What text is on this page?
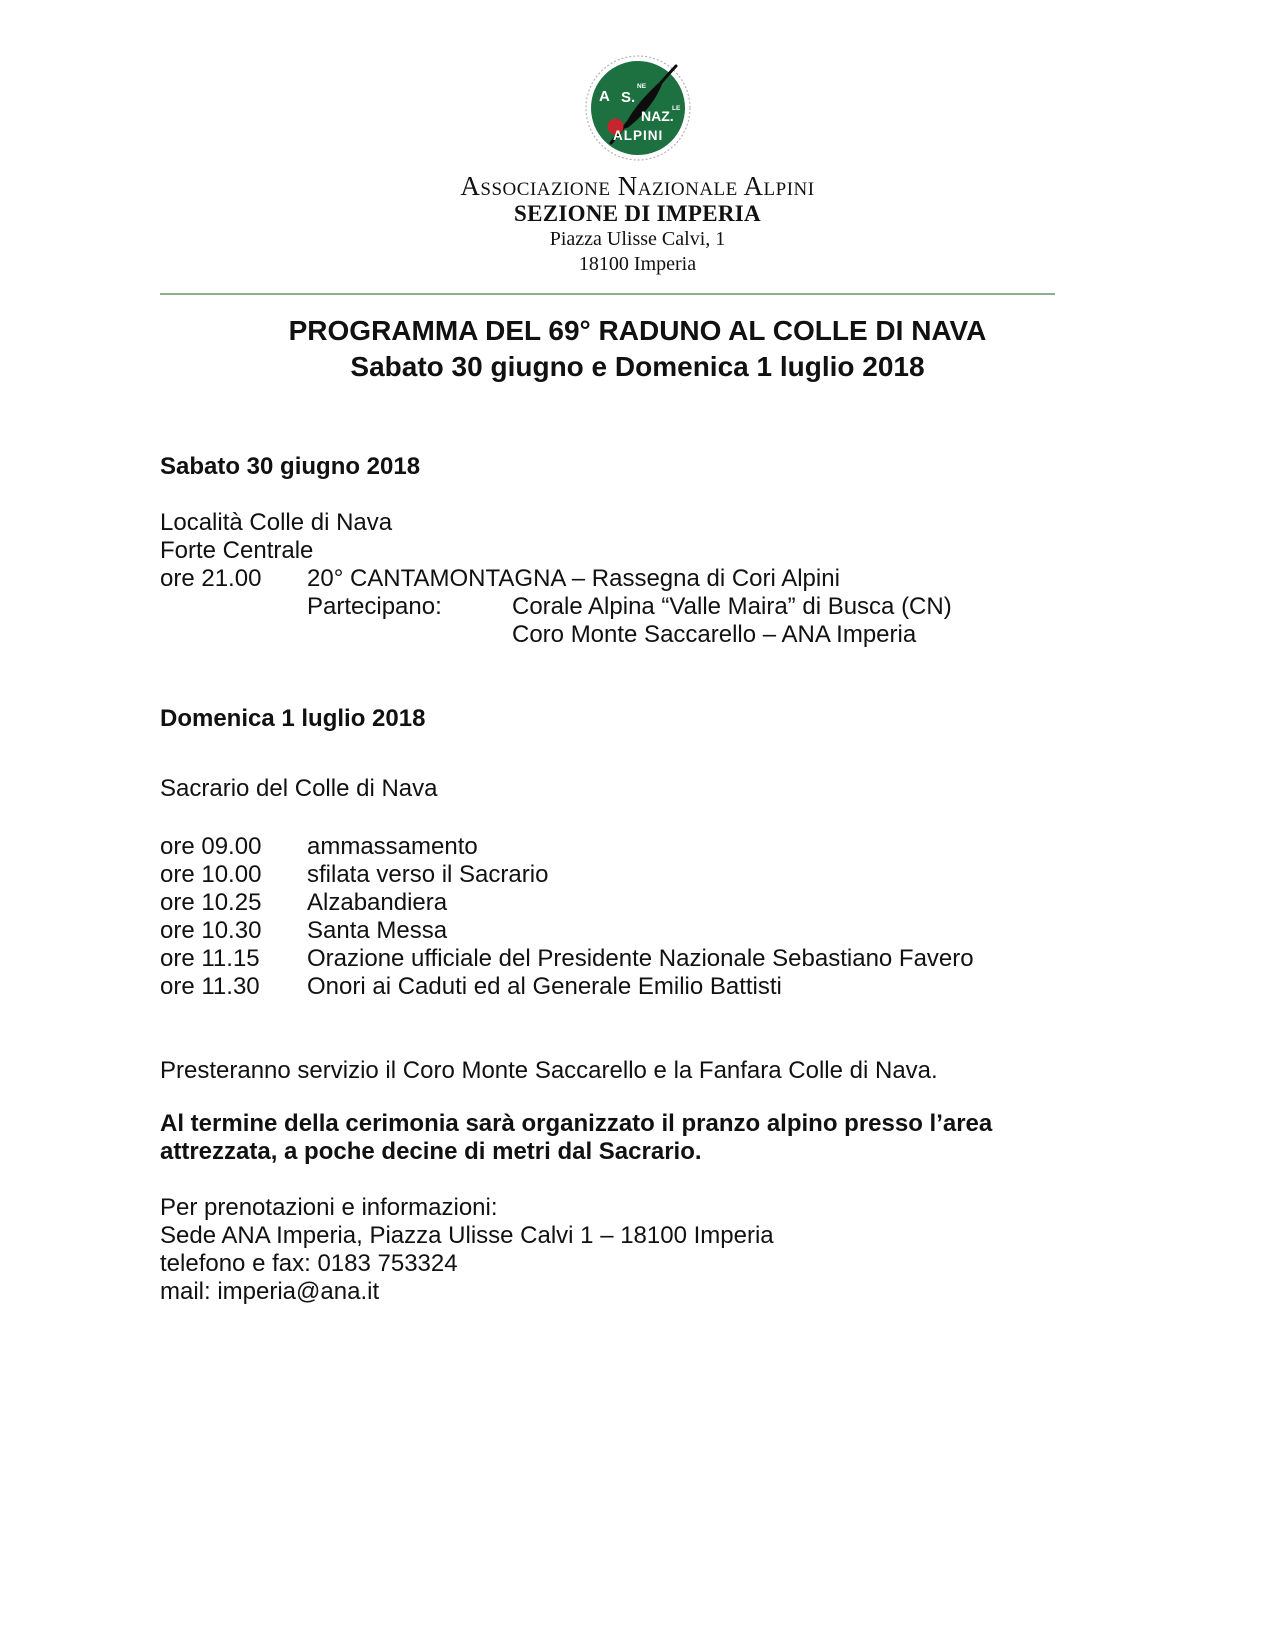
A S.
NE
NAZ.
LE
ALPINI
Associazione Nazionale Alpini
SEZIONE DI IMPERIA
Piazza Ulisse Calvi, 1
18100 Imperia
PROGRAMMA DEL 69° RADUNO AL COLLE DI NAVA
Sabato 30 giugno e Domenica 1 luglio 2018
Sabato 30 giugno 2018
Località Colle di Nava
Forte Centrale
ore 21.00	20° CANTAMONTAGNA – Rassegna di Cori Alpini
Partecipano:	Corale Alpina “Valle Maira” di Busca (CN)
Coro Monte Saccarello – ANA Imperia
Domenica 1 luglio 2018
Sacrario del Colle di Nava
ore 09.00	ammassamento
ore 10.00	sfilata verso il Sacrario
ore 10.25	Alzabandiera
ore 10.30	Santa Messa
ore 11.15	Orazione ufficiale del Presidente Nazionale Sebastiano Favero
ore 11.30	Onori ai Caduti ed al Generale Emilio Battisti
Presteranno servizio il Coro Monte Saccarello e la Fanfara Colle di Nava.
Al termine della cerimonia sarà organizzato il pranzo alpino presso l’area
attrezzata, a poche decine di metri dal Sacrario.
Per prenotazioni e informazioni:
Sede ANA Imperia, Piazza Ulisse Calvi 1 – 18100 Imperia
telefono e fax: 0183 753324
mail: imperia@ana.it
